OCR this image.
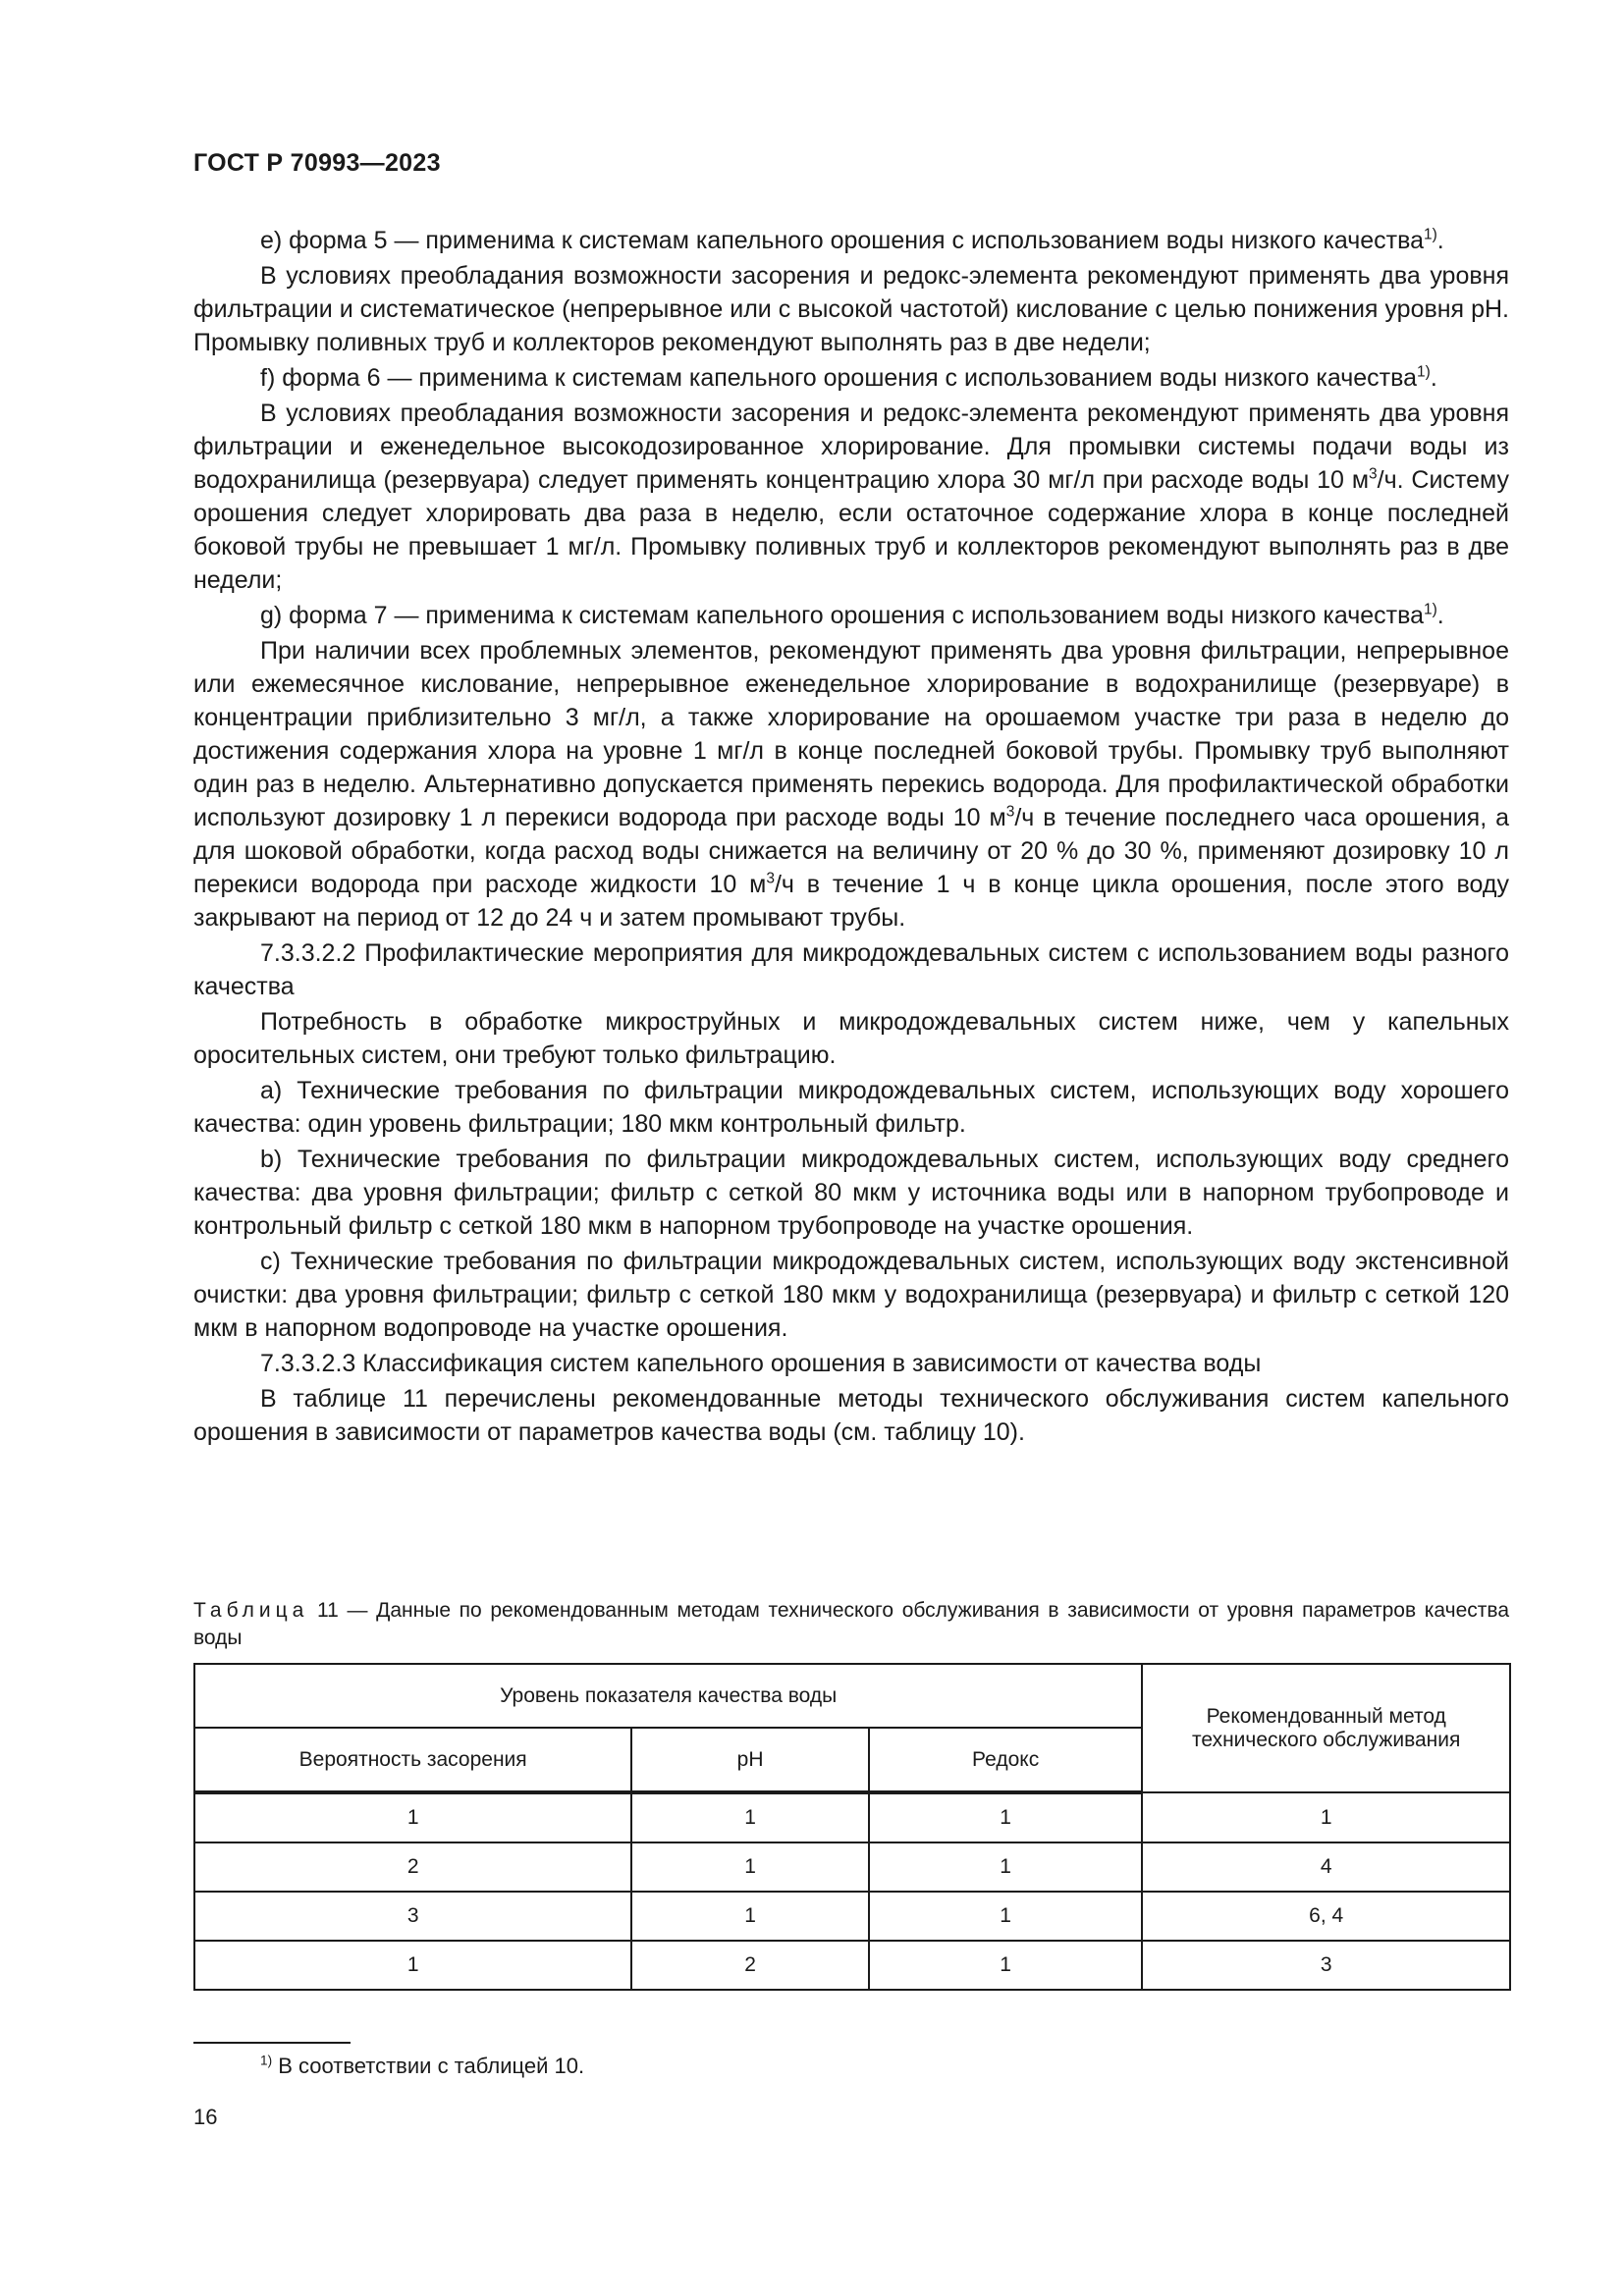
ГОСТ Р 70993—2023

е) форма 5 — применима к системам капельного орошения с использованием воды низкого качества$^{1)}$.

В условиях преобладания возможности засорения и редокс-элемента рекомендуют применять два уровня фильтрации и систематическое (непрерывное или с высокой частотой) кислование с целью понижения уровня pH. Промывку поливных труб и коллекторов рекомендуют выполнять раз в две недели;

f) форма 6 — применима к системам капельного орошения с использованием воды низкого качества$^{1)}$.

В условиях преобладания возможности засорения и редокс-элемента рекомендуют применять два уровня фильтрации и еженедельное высокодозированное хлорирование. Для промывки системы подачи воды из водохранилища (резервуара) следует применять концентрацию хлора 30 мг/л при расходе воды 10 $м^3/ч$. Систему орошения следует хлорировать два раза в неделю, если остаточное содержание хлора в конце последней боковой трубы не превышает 1 мг/л. Промывку поливных труб и коллекторов рекомендуют выполнять раз в две недели;

g) форма 7 — применима к системам капельного орошения с использованием воды низкого качества$^{1)}$.

При наличии всех проблемных элементов, рекомендуют применять два уровня фильтрации, непрерывное или ежемесячное кислование, непрерывное еженедельное хлорирование в водохранилище (резервуаре) в концентрации приблизительно 3 мг/л, а также хлорирование на орошаемом участке три раза в неделю до достижения содержания хлора на уровне 1 мг/л в конце последней боковой трубы. Промывку труб выполняют один раз в неделю. Альтернативно допускается применять перекись водорода. Для профилактической обработки используют дозировку 1 л перекиси водорода при расходе воды 10 $м^3/ч$ в течение последнего часа орошения, а для шоковой обработки, когда расход воды снижается на величину от 20 % до 30 %, применяют дозировку 10 л перекиси водорода при расходе жидкости 10 $м^3/ч$ в течение 1 ч в конце цикла орошения, после этого воду закрывают на период от 12 до 24 ч и затем промывают трубы.

7.3.3.2.2 Профилактические мероприятия для микродождевальных систем с использованием воды разного качества

Потребность в обработке микроструйных и микродождевальных систем ниже, чем у капельных оросительных систем, они требуют только фильтрацию.

a) Технические требования по фильтрации микродождевальных систем, использующих воду хорошего качества: один уровень фильтрации; 180 мкм контрольный фильтр.

b) Технические требования по фильтрации микродождевальных систем, использующих воду среднего качества: два уровня фильтрации; фильтр с сеткой 80 мкм у источника воды или в напорном трубопроводе и контрольный фильтр с сеткой 180 мкм в напорном трубопроводе на участке орошения.

c) Технические требования по фильтрации микродождевальных систем, использующих воду экстенсивной очистки: два уровня фильтрации; фильтр с сеткой 180 мкм у водохранилища (резервуара) и фильтр с сеткой 120 мкм в напорном водопроводе на участке орошения.

7.3.3.2.3 Классификация систем капельного орошения в зависимости от качества воды

В таблице 11 перечислены рекомендованные методы технического обслуживания систем капельного орошения в зависимости от параметров качества воды (см. таблицу 10).

Таблица 11 — Данные по рекомендованным методам технического обслуживания в зависимости от уровня параметров качества воды
Уровень показателя качества воды			Рекомендованный метод технического обслуживания
Вероятность засорения	pH	Редокс	
1	1	1	1
2	1	1	4
3	1	1	6, 4
1	2	1	3
$^{1)}$ В соответствии с таблицей 10.
16
